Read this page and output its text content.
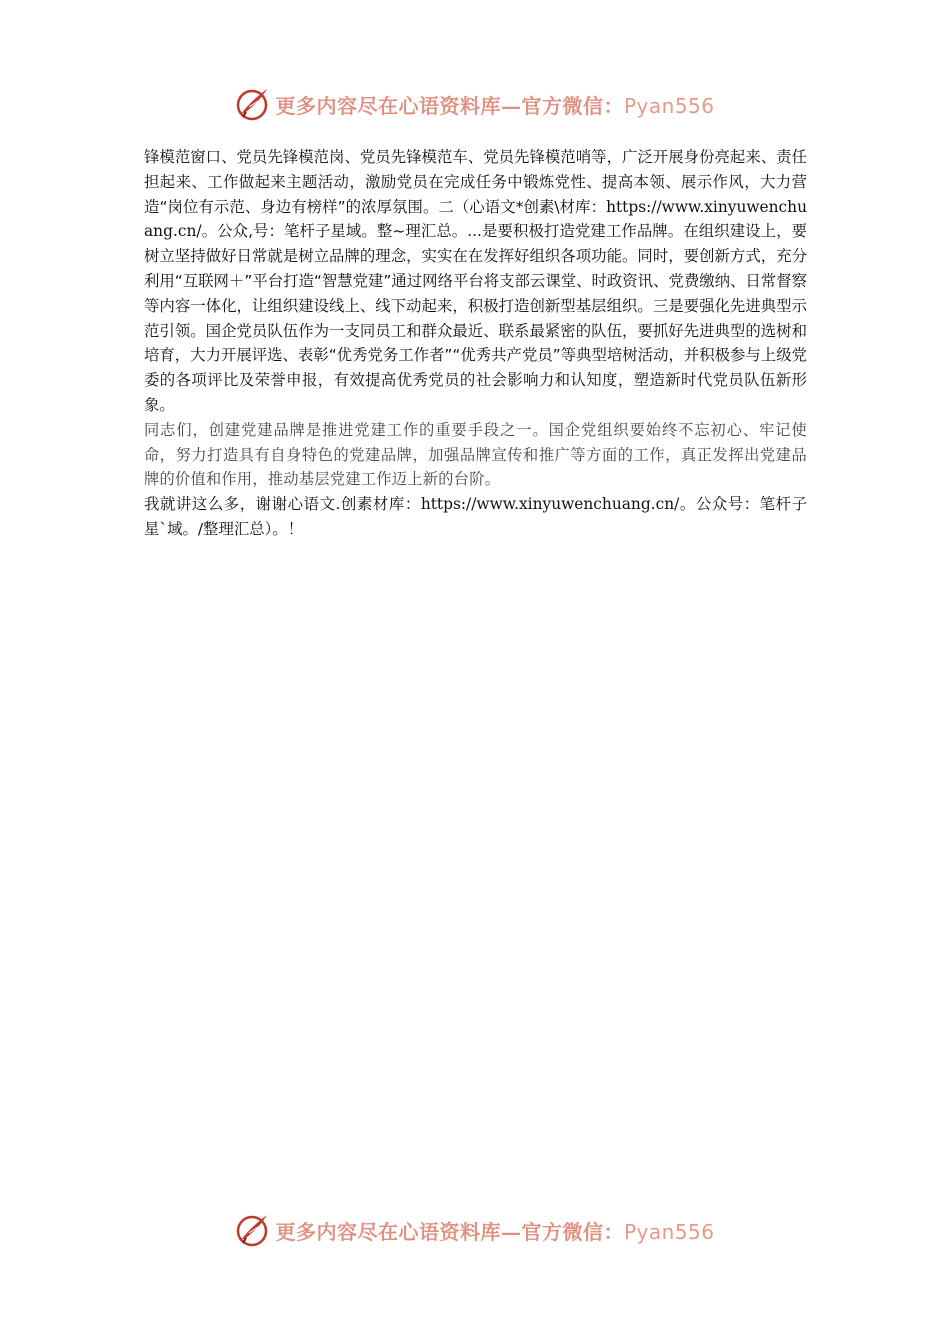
更多内容尽在心语资料库—官方微信：Pyan556

锋模范窗口、党员先锋模范岗、党员先锋模范车、党员先锋模范哨等，广泛开展身份亮起来、责任担起来、工作做起来主题活动，激励党员在完成任务中锻炼党性、提高本领、展示作风，大力营造“岗位有示范、身边有榜样”的浓厚氛围。二（心语文*创素\材库：https://www.xinyuwenchuang.cn/。公众,号：笔杆子星域。整~理汇总。...是要积极打造党建工作品牌。在组织建设上，要树立坚持做好日常就是树立品牌的理念，实实在在发挥好组织各项功能。同时，要创新方式，充分利用“互联网＋”平台打造“智慧党建”通过网络平台将支部云课堂、时政资讯、党费缴纳、日常督察等内容一体化，让组织建设线上、线下动起来，积极打造创新型基层组织。三是要强化先进典型示范引领。国企党员队伍作为一支同员工和群众最近、联系最紧密的队伍，要抓好先进典型的选树和培育，大力开展评选、表彰“优秀党务工作者”“优秀共产党员”等典型培树活动，并积极参与上级党委的各项评比及荣誉申报，有效提高优秀党员的社会影响力和认知度，塑造新时代党员队伍新形象。

同志们，创建党建品牌是推进党建工作的重要手段之一。国企党组织要始终不忘初心、牢记使命，努力打造具有自身特色的党建品牌，加强品牌宣传和推广等方面的工作，真正发挥出党建品牌的价值和作用，推动基层党建工作迈上新的台阶。

我就讲这么多，谢谢心语文.创素材库：https://www.xinyuwenchuang.cn/。公众号：笔杆子星`域。/整理汇总）。！

更多内容尽在心语资料库—官方微信：Pyan556
